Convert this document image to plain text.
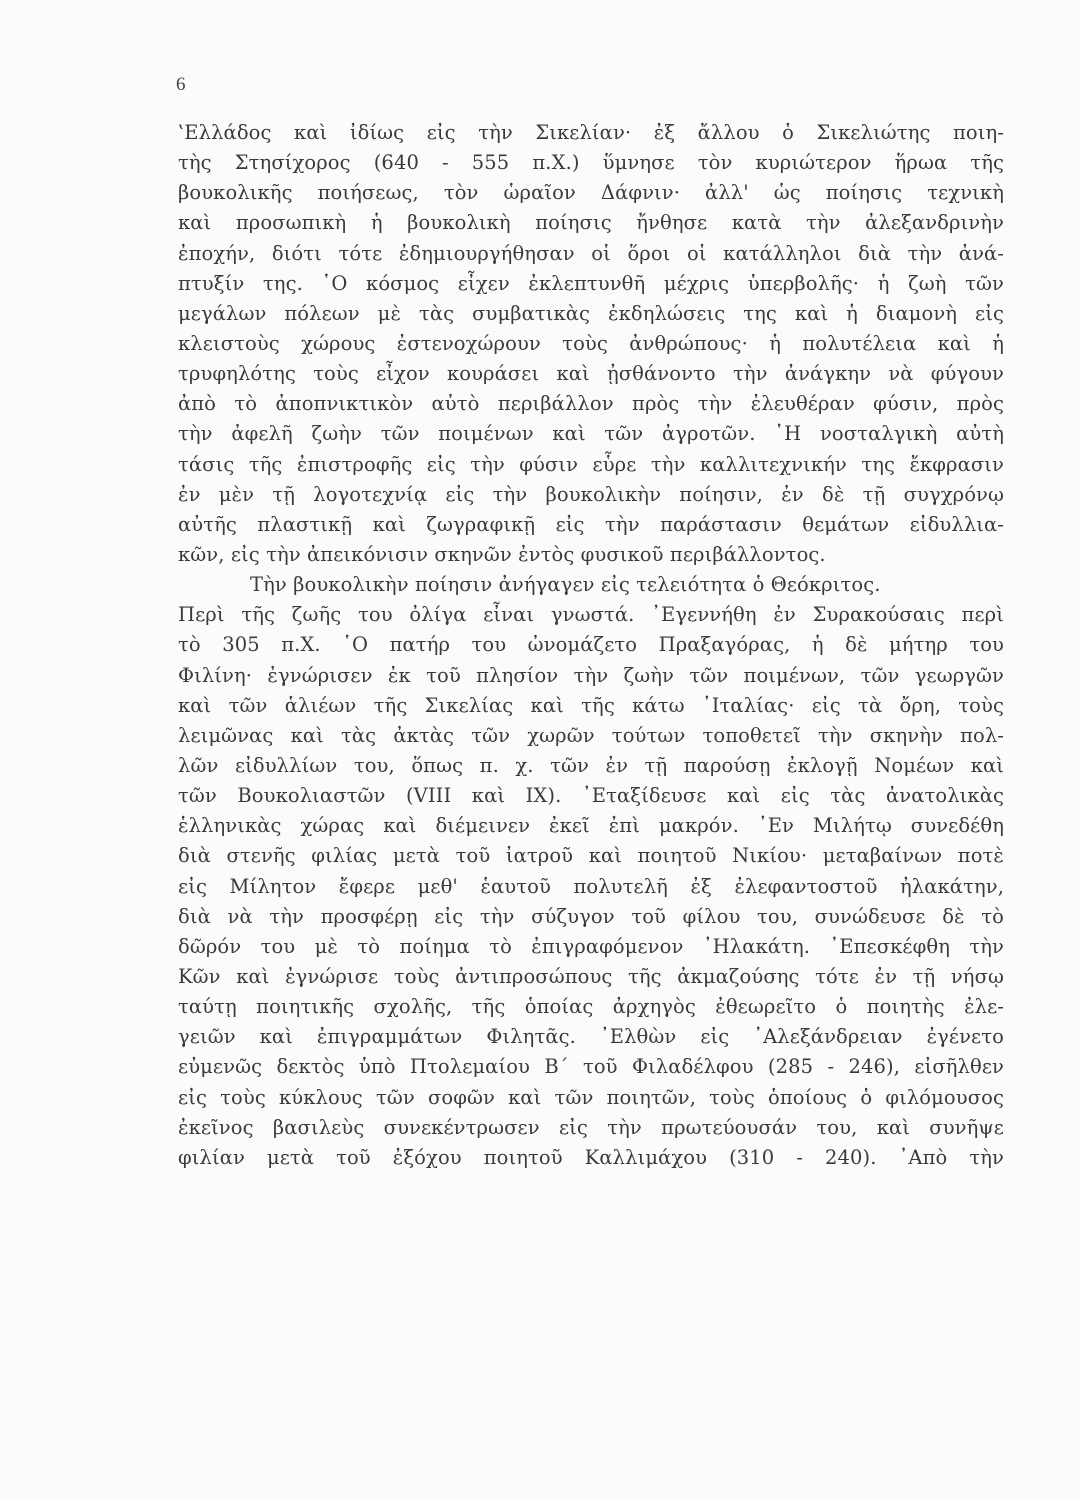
6
‛Ελλάδος καὶ ἰδίως εἰς τὴν Σικελίαν· ἐξ ἄλλου ὁ Σικελιώτης ποιη-
τὴς Στησίχορος (640 - 555 π.Χ.) ὕμνησε τὸν κυριώτερον ἥρωα τῆς
βουκολικῆς ποιήσεως, τὸν ὡραῖον Δάφνιν· ἀλλ' ὡς ποίησις τεχνικὴ
καὶ προσωπικὴ ἡ βουκολικὴ ποίησις ἤνθησε κατὰ τὴν ἀλεξανδρινὴν
ἐποχήν, διότι τότε ἐδημιουργήθησαν οἱ ὅροι οἱ κατάλληλοι διὰ τὴν ἀνά-
πτυξίν της. ῾Ο κόσμος εἶχεν ἐκλεπτυνθῆ μέχρις ὑπερβολῆς· ἡ ζωὴ τῶν
μεγάλων πόλεων μὲ τὰς συμβατικὰς ἐκδηλώσεις της καὶ ἡ διαμονὴ εἰς
κλειστοὺς χώρους ἐστενοχώρουν τοὺς ἀνθρώπους· ἡ πολυτέλεια καὶ ἡ
τρυφηλότης τοὺς εἶχον κουράσει καὶ ᾐσθάνοντο τὴν ἀνάγκην νὰ φύγουν
ἀπὸ τὸ ἀποπνικτικὸν αὐτὸ περιβάλλον πρὸς τὴν ἐλευθέραν φύσιν, πρὸς
τὴν ἀφελῆ ζωὴν τῶν ποιμένων καὶ τῶν ἀγροτῶν. ῾Η νοσταλγικὴ αὐτὴ
τάσις τῆς ἐπιστροφῆς εἰς τὴν φύσιν εὗρε τὴν καλλιτεχνικήν της ἔκφρασιν
ἐν μὲν τῇ λογοτεχνίᾳ εἰς τὴν βουκολικὴν ποίησιν, ἐν δὲ τῇ συγχρόνῳ
αὐτῆς πλαστικῇ καὶ ζωγραφικῇ εἰς τὴν παράστασιν θεμάτων εἰδυλλια-
κῶν, εἰς τὴν ἀπεικόνισιν σκηνῶν ἐντὸς φυσικοῦ περιβάλλοντος.
Τὴν βουκολικὴν ποίησιν ἀνήγαγεν εἰς τελειότητα ὁ Θεόκριτος.
Περὶ τῆς ζωῆς του ὀλίγα εἶναι γνωστά. ᾿Εγεννήθη ἐν Συρακούσαις περὶ
τὸ 305 π.Χ. ῾Ο πατήρ του ὠνομάζετο Πραξαγόρας, ἡ δὲ μήτηρ του
Φιλίνη· ἐγνώρισεν ἐκ τοῦ πλησίον τὴν ζωὴν τῶν ποιμένων, τῶν γεωργῶν
καὶ τῶν ἁλιέων τῆς Σικελίας καὶ τῆς κάτω ᾿Ιταλίας· εἰς τὰ ὄρη, τοὺς
λειμῶνας καὶ τὰς ἀκτὰς τῶν χωρῶν τούτων τοποθετεῖ τὴν σκηνὴν πολ-
λῶν εἰδυλλίων του, ὅπως π. χ. τῶν ἐν τῇ παρούσῃ ἐκλογῇ Νομέων καὶ
τῶν Βουκολιαστῶν (VIII καὶ IX). ᾿Εταξίδευσε καὶ εἰς τὰς ἀνατολικὰς
ἑλληνικὰς χώρας καὶ διέμεινεν ἐκεῖ ἐπὶ μακρόν. ᾿Εν Μιλήτῳ συνεδέθη
διὰ στενῆς φιλίας μετὰ τοῦ ἰατροῦ καὶ ποιητοῦ Νικίου· μεταβαίνων ποτὲ
εἰς Μίλητον ἔφερε μεθ' ἑαυτοῦ πολυτελῆ ἐξ ἐλεφαντοστοῦ ἠλακάτην,
διὰ νὰ τὴν προσφέρῃ εἰς τὴν σύζυγον τοῦ φίλου του, συνώδευσε δὲ τὸ
δῶρόν του μὲ τὸ ποίημα τὸ ἐπιγραφόμενον ᾿Ηλακάτη. ᾿Επεσκέφθη τὴν
Κῶν καὶ ἐγνώρισε τοὺς ἀντιπροσώπους τῆς ἀκμαζούσης τότε ἐν τῇ νήσῳ
ταύτῃ ποιητικῆς σχολῆς, τῆς ὁποίας ἀρχηγὸς ἐθεωρεῖτο ὁ ποιητὴς ἐλε-
γειῶν καὶ ἐπιγραμμάτων Φιλητᾶς. ᾿Ελθὼν εἰς ᾿Αλεξάνδρειαν ἐγένετο
εὐμενῶς δεκτὸς ὑπὸ Πτολεμαίου Β΄ τοῦ Φιλαδέλφου (285 - 246), εἰσῆλθεν
εἰς τοὺς κύκλους τῶν σοφῶν καὶ τῶν ποιητῶν, τοὺς ὁποίους ὁ φιλόμουσος
ἐκεῖνος βασιλεὺς συνεκέντρωσεν εἰς τὴν πρωτεύουσάν του, καὶ συνῆψε
φιλίαν μετὰ τοῦ ἐξόχου ποιητοῦ Καλλιμάχου (310 - 240). ᾿Απὸ τὴν
